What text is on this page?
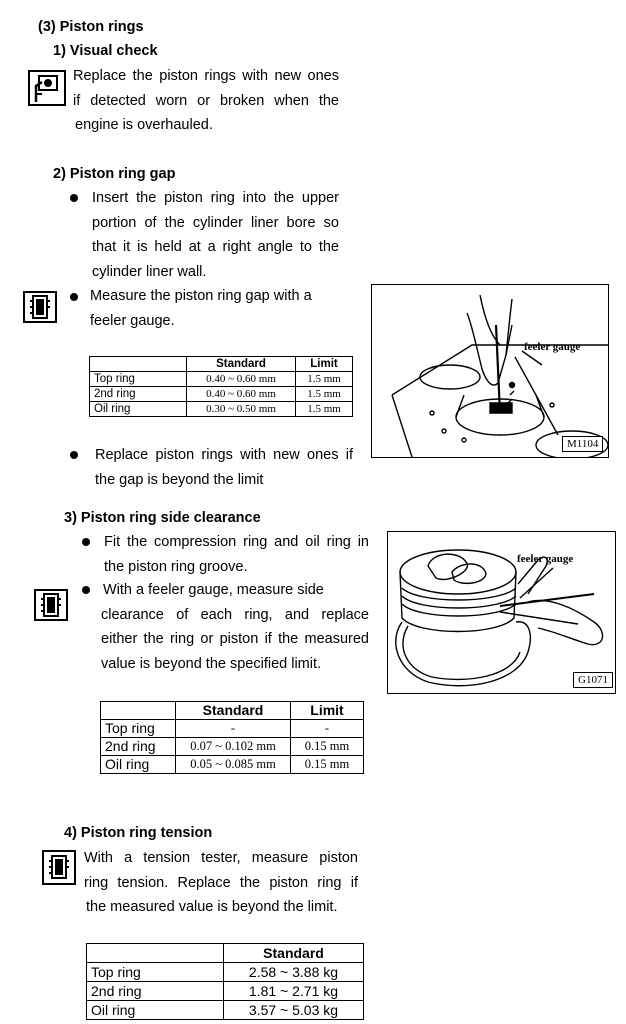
(3) Piston rings
1) Visual check
Replace the piston rings with new ones
if detected worn or broken when the
engine is overhauled.
2) Piston ring gap
Insert the piston ring into the upper
portion of the cylinder liner bore so
that it is held at a right angle to the
cylinder liner wall.
Measure the piston ring gap with a
feeler gauge.
	Standard	Limit
Top ring	0.40 ~ 0.60 mm	1.5 mm
2nd ring	0.40 ~ 0.60 mm	1.5 mm
Oil ring	0.30 ~ 0.50 mm	1.5 mm
feeler gauge
M1104
Replace piston rings with new ones if
the gap is beyond the limit
3) Piston ring side clearance
Fit the compression ring and oil ring in
the piston ring groove.
With a feeler gauge, measure side
clearance of each ring, and replace
either the ring or piston if the measured
value is beyond the specified limit.
feeler gauge
G1071
	Standard	Limit
Top ring	-	-
2nd ring	0.07 ~ 0.102 mm	0.15 mm
Oil ring	0.05 ~ 0.085 mm	0.15 mm
4) Piston ring tension
With a tension tester, measure piston
ring tension. Replace the piston ring if
the measured value is beyond the limit.
	Standard
Top ring	2.58 ~ 3.88 kg
2nd ring	1.81 ~ 2.71 kg
Oil ring	3.57 ~ 5.03 kg
